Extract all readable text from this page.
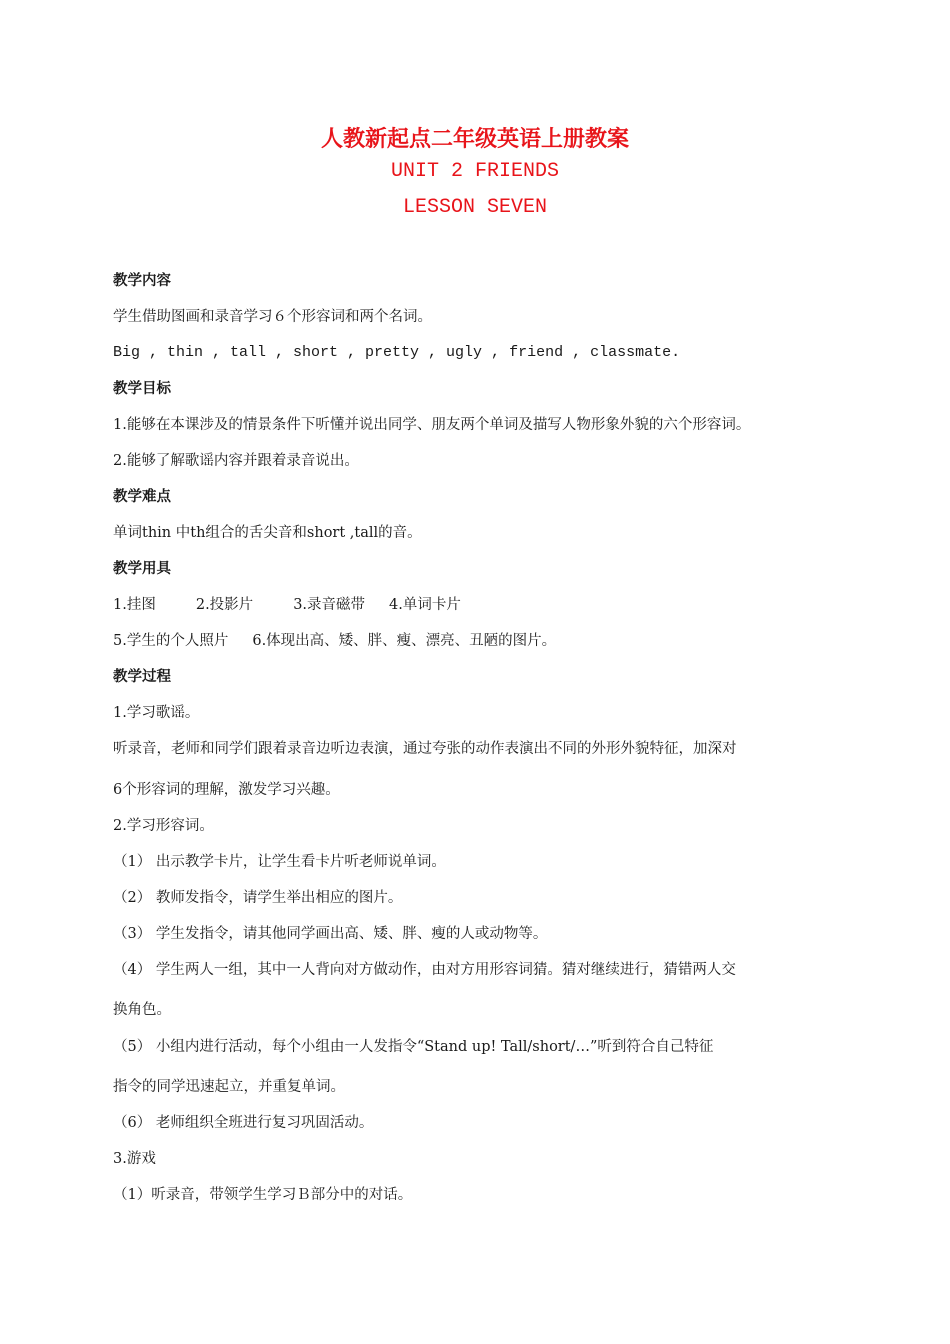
人教新起点二年级英语上册教案
UNIT 2 FRIENDS
LESSON SEVEN
教学内容
学生借助图画和录音学习６个形容词和两个名词。
Big , thin , tall , short , pretty , ugly , friend , classmate.
教学目标
1.能够在本课涉及的情景条件下听懂并说出同学、朋友两个单词及描写人物形象外貌的六个形容词。
2.能够了解歌谣内容并跟着录音说出。
教学难点
单词thin 中th组合的舌尖音和short ,tall的音。
教学用具
1.挂图	2.投影片	3.录音磁带 4.单词卡片
5.学生的个人照片 6.体现出高、矮、胖、瘦、漂亮、丑陋的图片。
教学过程
1.学习歌谣。
听录音，老师和同学们跟着录音边听边表演，通过夸张的动作表演出不同的外形外貌特征，加深对
6个形容词的理解，激发学习兴趣。
2.学习形容词。
（1） 出示教学卡片，让学生看卡片听老师说单词。
（2） 教师发指令，请学生举出相应的图片。
（3） 学生发指令，请其他同学画出高、矮、胖、瘦的人或动物等。
（4） 学生两人一组，其中一人背向对方做动作，由对方用形容词猜。猜对继续进行，猜错两人交
换角色。
（5） 小组内进行活动，每个小组由一人发指令“Stand up! Tall/short/…”听到符合自己特征
指令的同学迅速起立，并重复单词。
（6） 老师组织全班进行复习巩固活动。
3.游戏
（1）听录音，带领学生学习Ｂ部分中的对话。
